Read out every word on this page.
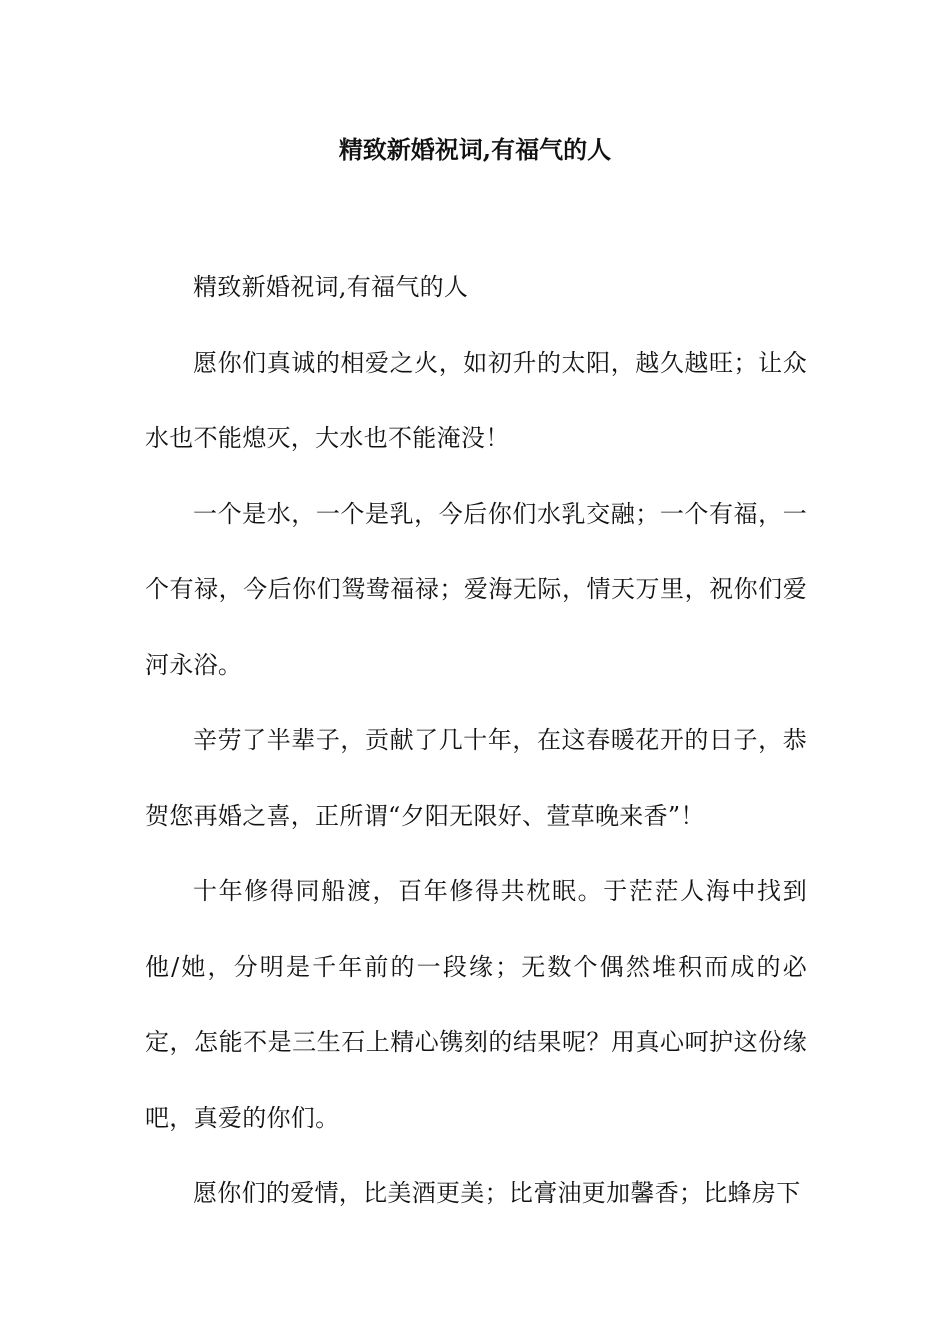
精致新婚祝词,有福气的人

精致新婚祝词,有福气的人

愿你们真诚的相爱之火，如初升的太阳，越久越旺；让众水也不能熄灭，大水也不能淹没！

一个是水，一个是乳，今后你们水乳交融；一个有福，一个有禄，今后你们鸳鸯福禄；爱海无际，情天万里，祝你们爱河永浴。

辛劳了半辈子，贡献了几十年，在这春暖花开的日子，恭贺您再婚之喜，正所谓“夕阳无限好、萱草晚来香”！

十年修得同船渡，百年修得共枕眠。于茫茫人海中找到他/她，分明是千年前的一段缘；无数个偶然堆积而成的必定，怎能不是三生石上精心镌刻的结果呢？用真心呵护这份缘吧，真爱的你们。

愿你们的爱情，比美酒更美；比膏油更加馨香；比蜂房下
